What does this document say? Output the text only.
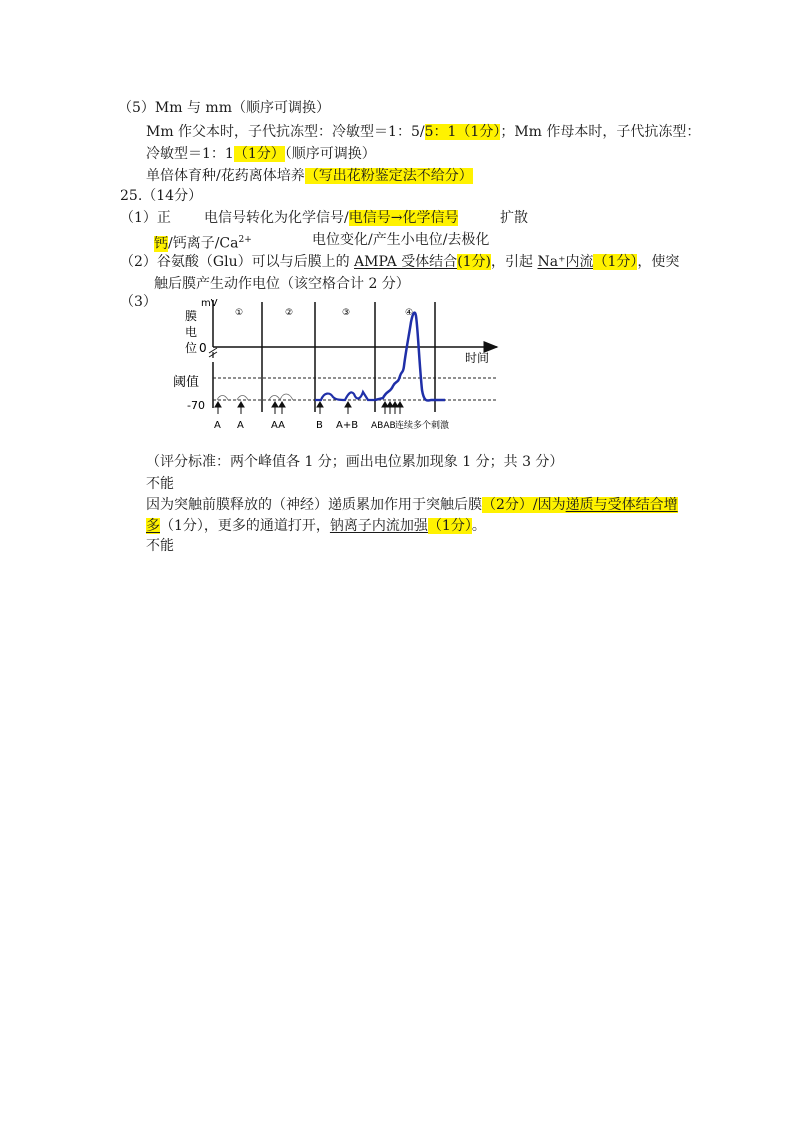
（5）Mm 与 mm（顺序可调换）
Mm 作父本时，子代抗冻型：冷敏型＝1：5/5：1（1分）；Mm 作母本时，子代抗冻型：
冷敏型＝1：1（1分）（顺序可调换）
单倍体育种/花药离体培养（写出花粉鉴定法不给分）
25.（14分）
（1）正 电信号转化为化学信号/电信号→化学信号	扩散
钙/钙离子$/Ca^{2+}$	电位变化/产生小电位/去极化
（2）谷氨酸（Glu）可以与后膜上的 AMPA 受体结合(1分)，引起 Na⁺内流（1分），使突
触后膜产生动作电位（该空格合计 2 分）
（3）	mV
膜
电
位 0
时间
阈值
-70
①	②	③	④
A A	AA	B A+B ABAB 连续多个刺激
（评分标准：两个峰值各 1 分；画出电位累加现象 1 分；共 3 分）
不能
因为突触前膜释放的（神经）递质累加作用于突触后膜（2分）/因为递质与受体结合增
多（1分），更多的通道打开，钠离子内流加强（1分）。
不能
